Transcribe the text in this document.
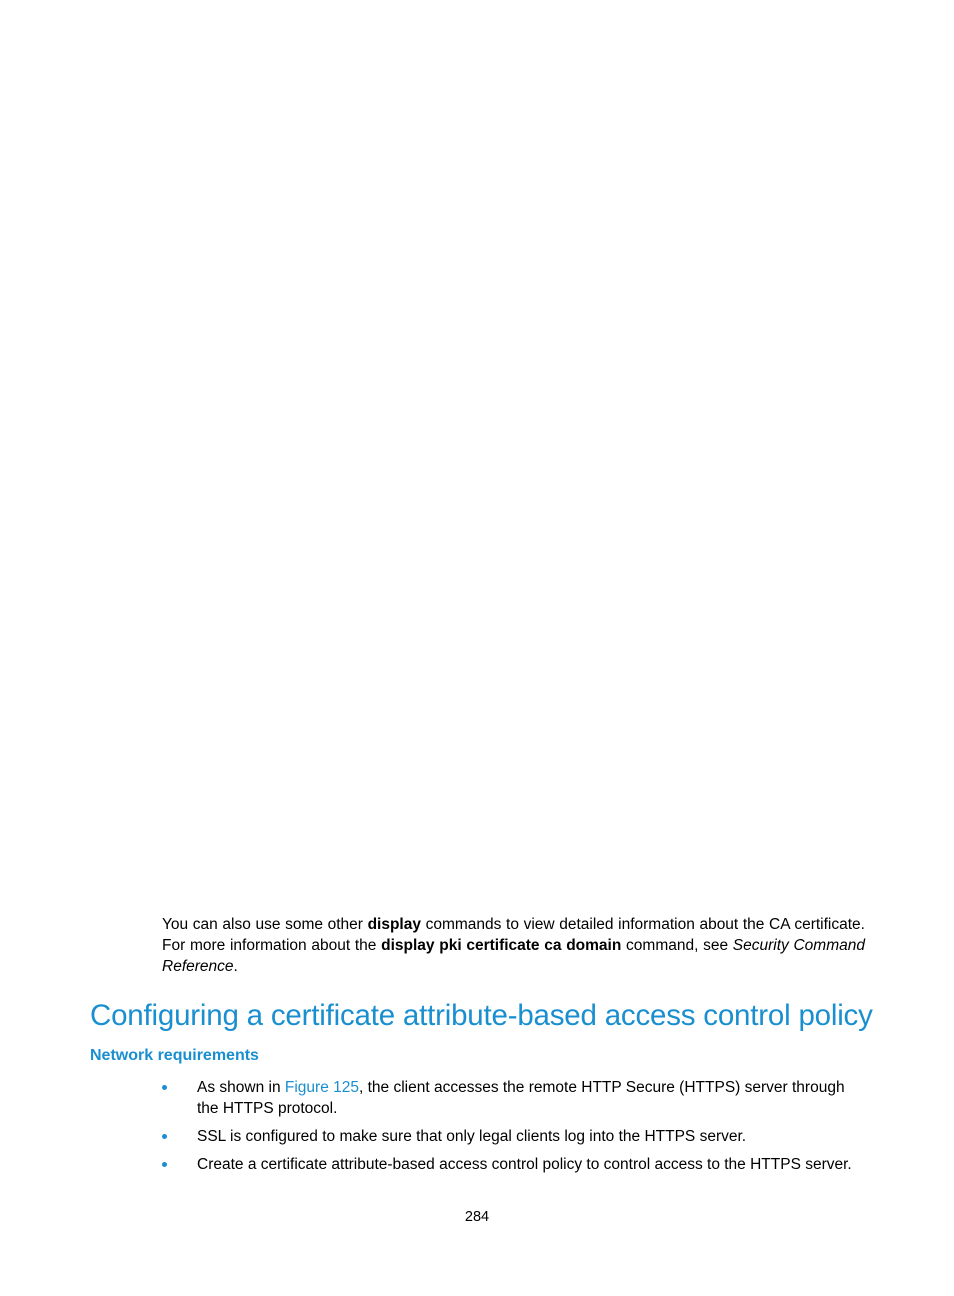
You can also use some other display commands to view detailed information about the CA certificate. For more information about the display pki certificate ca domain command, see Security Command Reference.

Configuring a certificate attribute-based access control policy
Network requirements
As shown in Figure 125, the client accesses the remote HTTP Secure (HTTPS) server through the HTTPS protocol.
SSL is configured to make sure that only legal clients log into the HTTPS server.
Create a certificate attribute-based access control policy to control access to the HTTPS server.
284
